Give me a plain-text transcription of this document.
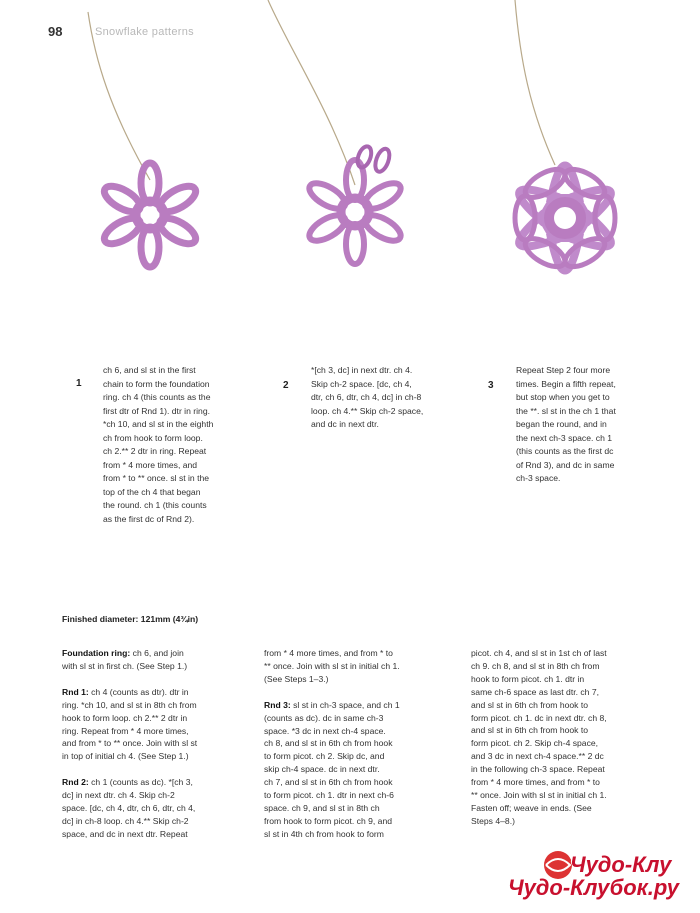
98	Snowflake patterns
1
ch 6, and sl st in the first
chain to form the foundation
ring. ch 4 (this counts as the
first dtr of Rnd 1). dtr in ring.
*ch 10, and sl st in the eighth
ch from hook to form loop.
ch 2.** 2 dtr in ring. Repeat
from * 4 more times, and
from * to ** once. sl st in the
top of the ch 4 that began
the round. ch 1 (this counts
as the first dc of Rnd 2).
2
*[ch 3, dc] in next dtr. ch 4.
Skip ch-2 space. [dc, ch 4,
dtr, ch 6, dtr, ch 4, dc] in ch-8
loop. ch 4.** Skip ch-2 space,
and dc in next dtr.
3
Repeat Step 2 four more
times. Begin a fifth repeat,
but stop when you get to
the **. sl st in the ch 1 that
began the round, and in
the next ch-3 space. ch 1
(this counts as the first dc
of Rnd 3), and dc in same
ch-3 space.
Finished diameter: 121mm (4¾in)

Foundation ring: ch 6, and join
with sl st in first ch. (See Step 1.)

Rnd 1: ch 4 (counts as dtr). dtr in
ring. *ch 10, and sl st in 8th ch from
hook to form loop. ch 2.** 2 dtr in
ring. Repeat from * 4 more times,
and from * to ** once. Join with sl st
in top of initial ch 4. (See Step 1.)

Rnd 2: ch 1 (counts as dc). *[ch 3,
dc] in next dtr. ch 4. Skip ch-2
space. [dc, ch 4, dtr, ch 6, dtr, ch 4,
dc] in ch-8 loop. ch 4.** Skip ch-2
space, and dc in next dtr. Repeat

from * 4 more times, and from * to
** once. Join with sl st in initial ch 1.
(See Steps 1–3.)

Rnd 3: sl st in ch-3 space, and ch 1
(counts as dc). dc in same ch-3
space. *3 dc in next ch-4 space.
ch 8, and sl st in 6th ch from hook
to form picot. ch 2. Skip dc, and
skip ch-4 space. dc in next dtr.
ch 7, and sl st in 6th ch from hook
to form picot. ch 1. dtr in next ch-6
space. ch 9, and sl st in 8th ch
from hook to form picot. ch 9, and
sl st in 4th ch from hook to form

picot. ch 4, and sl st in 1st ch of last
ch 9. ch 8, and sl st in 8th ch from
hook to form picot. ch 1. dtr in
same ch-6 space as last dtr. ch 7,
and sl st in 6th ch from hook to
form picot. ch 1. dc in next dtr. ch 8,
and sl st in 6th ch from hook to
form picot. ch 2. Skip ch-4 space,
and 3 dc in next ch-4 space.** 2 dc
in the following ch-3 space. Repeat
from * 4 more times, and from * to
** once. Join with sl st in initial ch 1.
Fasten off; weave in ends. (See
Steps 4–8.)

Чудо-Клу
Чудо-Клубок.ру
